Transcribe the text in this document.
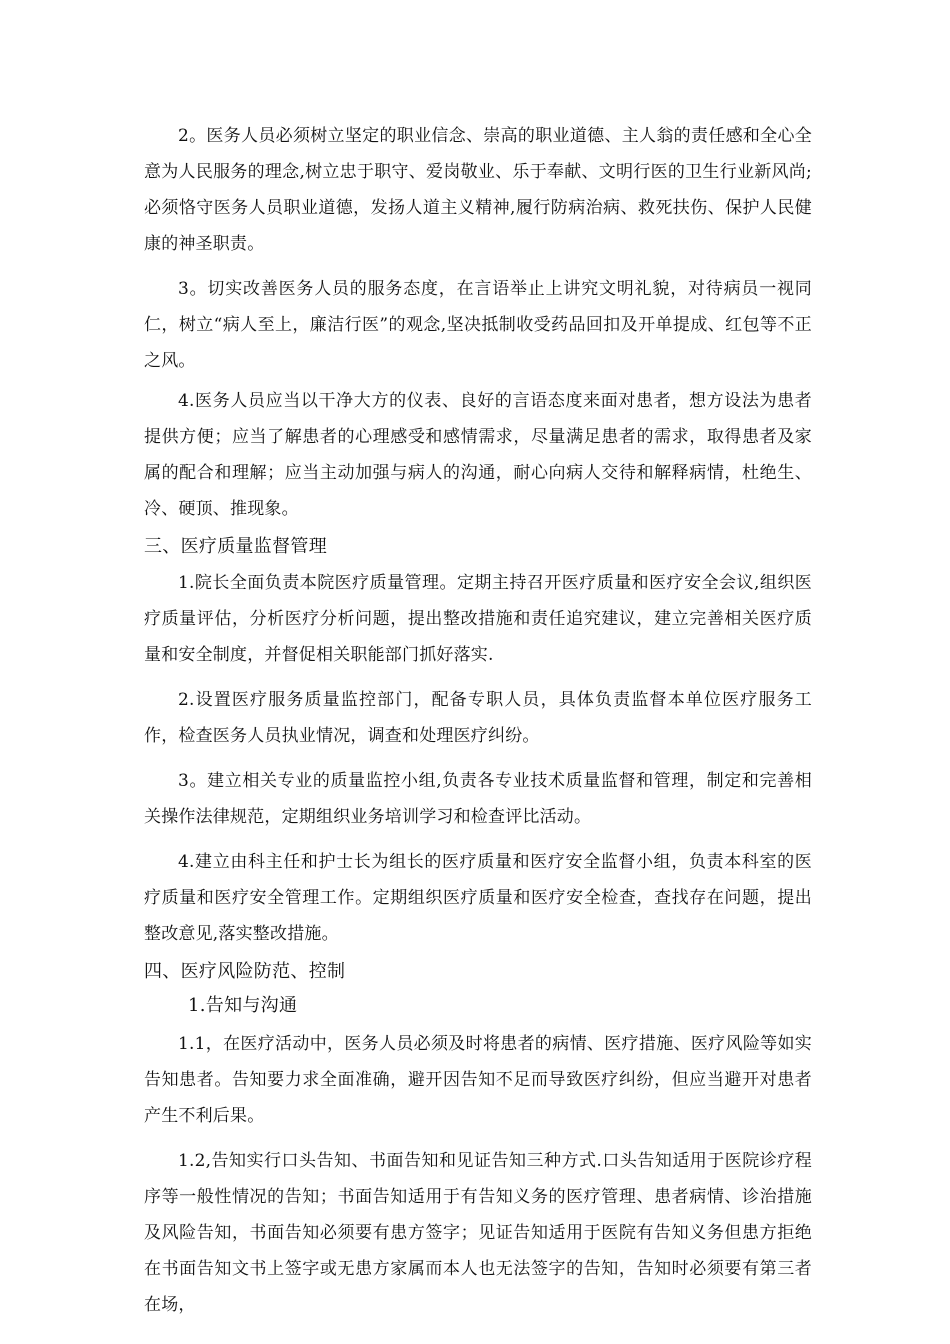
2。医务人员必须树立坚定的职业信念、崇高的职业道德、主人翁的责任感和全心全意为人民服务的理念,树立忠于职守、爱岗敬业、乐于奉献、文明行医的卫生行业新风尚;必须恪守医务人员职业道德，发扬人道主义精神,履行防病治病、救死扶伤、保护人民健康的神圣职责。

3。切实改善医务人员的服务态度，在言语举止上讲究文明礼貌，对待病员一视同仁，树立“病人至上，廉洁行医”的观念,坚决抵制收受药品回扣及开单提成、红包等不正之风。

4.医务人员应当以干净大方的仪表、良好的言语态度来面对患者，想方设法为患者提供方便；应当了解患者的心理感受和感情需求，尽量满足患者的需求，取得患者及家属的配合和理解；应当主动加强与病人的沟通，耐心向病人交待和解释病情，杜绝生、冷、硬顶、推现象。

三、医疗质量监督管理

1.院长全面负责本院医疗质量管理。定期主持召开医疗质量和医疗安全会议,组织医疗质量评估，分析医疗分析问题，提出整改措施和责任追究建议，建立完善相关医疗质量和安全制度，并督促相关职能部门抓好落实.

2.设置医疗服务质量监控部门，配备专职人员，具体负责监督本单位医疗服务工作，检查医务人员执业情况，调查和处理医疗纠纷。

3。建立相关专业的质量监控小组,负责各专业技术质量监督和管理，制定和完善相关操作法律规范，定期组织业务培训学习和检查评比活动。

4.建立由科主任和护士长为组长的医疗质量和医疗安全监督小组，负责本科室的医疗质量和医疗安全管理工作。定期组织医疗质量和医疗安全检查，查找存在问题，提出整改意见,落实整改措施。

四、医疗风险防范、控制
1.告知与沟通

1.1，在医疗活动中，医务人员必须及时将患者的病情、医疗措施、医疗风险等如实告知患者。告知要力求全面准确，避开因告知不足而导致医疗纠纷，但应当避开对患者产生不利后果。

1.2,告知实行口头告知、书面告知和见证告知三种方式.口头告知适用于医院诊疗程序等一般性情况的告知；书面告知适用于有告知义务的医疗管理、患者病情、诊治措施及风险告知，书面告知必须要有患方签字；见证告知适用于医院有告知义务但患方拒绝在书面告知文书上签字或无患方家属而本人也无法签字的告知，告知时必须要有第三者在场，
